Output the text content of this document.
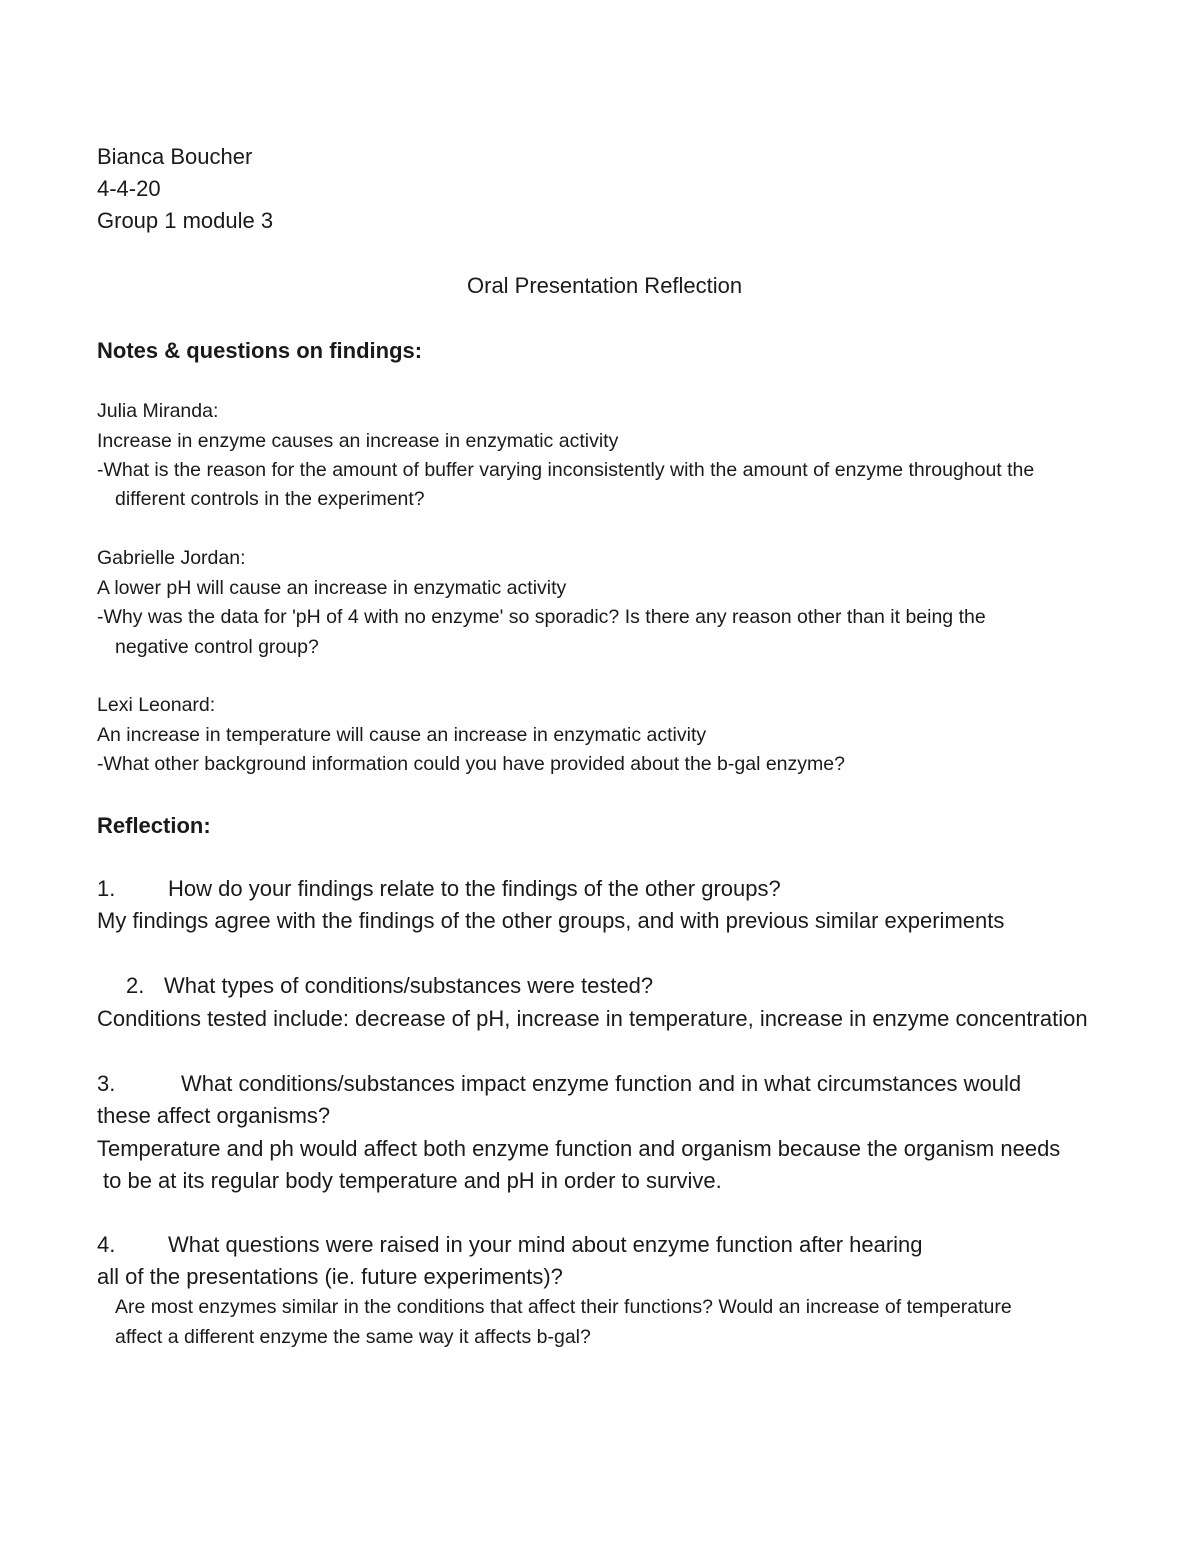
Bianca Boucher
4-4-20
Group 1 module 3
Oral Presentation Reflection
Notes & questions on findings:
Julia Miranda:
Increase in enzyme causes an increase in enzymatic activity
-What is the reason for the amount of buffer varying inconsistently with the amount of enzyme throughout the
different controls in the experiment?
Gabrielle Jordan:
A lower pH will cause an increase in enzymatic activity
-Why was the data for 'pH of 4 with no enzyme' so sporadic? Is there any reason other than it being the
negative control group?
Lexi Leonard:
An increase in temperature will cause an increase in enzymatic activity
-What other background information could you have provided about the b-gal enzyme?
Reflection:
1. How do your findings relate to the findings of the other groups?
My findings agree with the findings of the other groups, and with previous similar experiments
2. What types of conditions/substances were tested?
Conditions tested include: decrease of pH, increase in temperature, increase in enzyme concentration
3.	What conditions/substances impact enzyme function and in what circumstances would
these affect organisms?
Temperature and ph would affect both enzyme function and organism because the organism needs
to be at its regular body temperature and pH in order to survive.
4. What questions were raised in your mind about enzyme function after hearing
all of the presentations (ie. future experiments)?
Are most enzymes similar in the conditions that affect their functions? Would an increase of temperature
affect a different enzyme the same way it affects b-gal?
